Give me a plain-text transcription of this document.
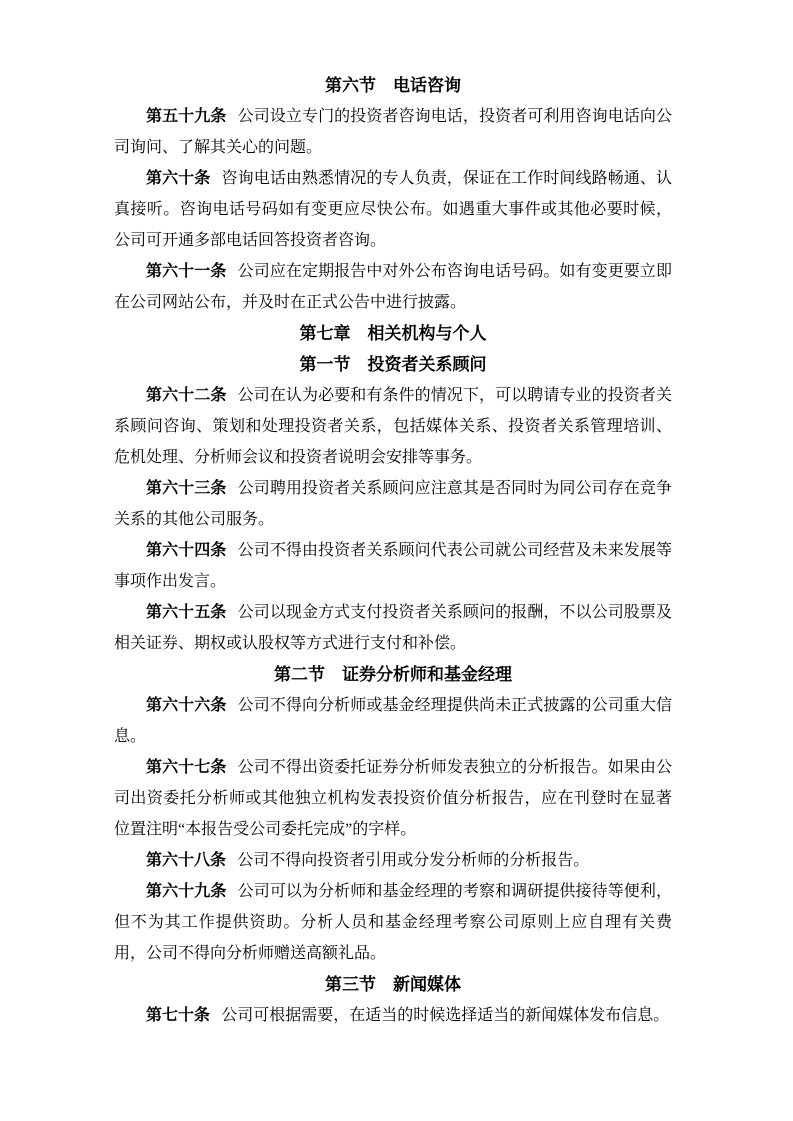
第六节　电话咨询

第五十九条 公司设立专门的投资者咨询电话，投资者可利用咨询电话向公司询问、了解其关心的问题。

第六十条 咨询电话由熟悉情况的专人负责，保证在工作时间线路畅通、认真接听。咨询电话号码如有变更应尽快公布。如遇重大事件或其他必要时候，公司可开通多部电话回答投资者咨询。

第六十一条 公司应在定期报告中对外公布咨询电话号码。如有变更要立即在公司网站公布，并及时在正式公告中进行披露。

第七章　相关机构与个人
第一节　投资者关系顾问

第六十二条 公司在认为必要和有条件的情况下，可以聘请专业的投资者关系顾问咨询、策划和处理投资者关系，包括媒体关系、投资者关系管理培训、危机处理、分析师会议和投资者说明会安排等事务。

第六十三条 公司聘用投资者关系顾问应注意其是否同时为同公司存在竞争关系的其他公司服务。

第六十四条 公司不得由投资者关系顾问代表公司就公司经营及未来发展等事项作出发言。

第六十五条 公司以现金方式支付投资者关系顾问的报酬，不以公司股票及相关证券、期权或认股权等方式进行支付和补偿。

第二节　证券分析师和基金经理

第六十六条 公司不得向分析师或基金经理提供尚未正式披露的公司重大信息。

第六十七条 公司不得出资委托证券分析师发表独立的分析报告。如果由公司出资委托分析师或其他独立机构发表投资价值分析报告，应在刊登时在显著位置注明“本报告受公司委托完成”的字样。

第六十八条 公司不得向投资者引用或分发分析师的分析报告。

第六十九条 公司可以为分析师和基金经理的考察和调研提供接待等便利，但不为其工作提供资助。分析人员和基金经理考察公司原则上应自理有关费用，公司不得向分析师赠送高额礼品。

第三节　新闻媒体

第七十条 公司可根据需要，在适当的时候选择适当的新闻媒体发布信息。
